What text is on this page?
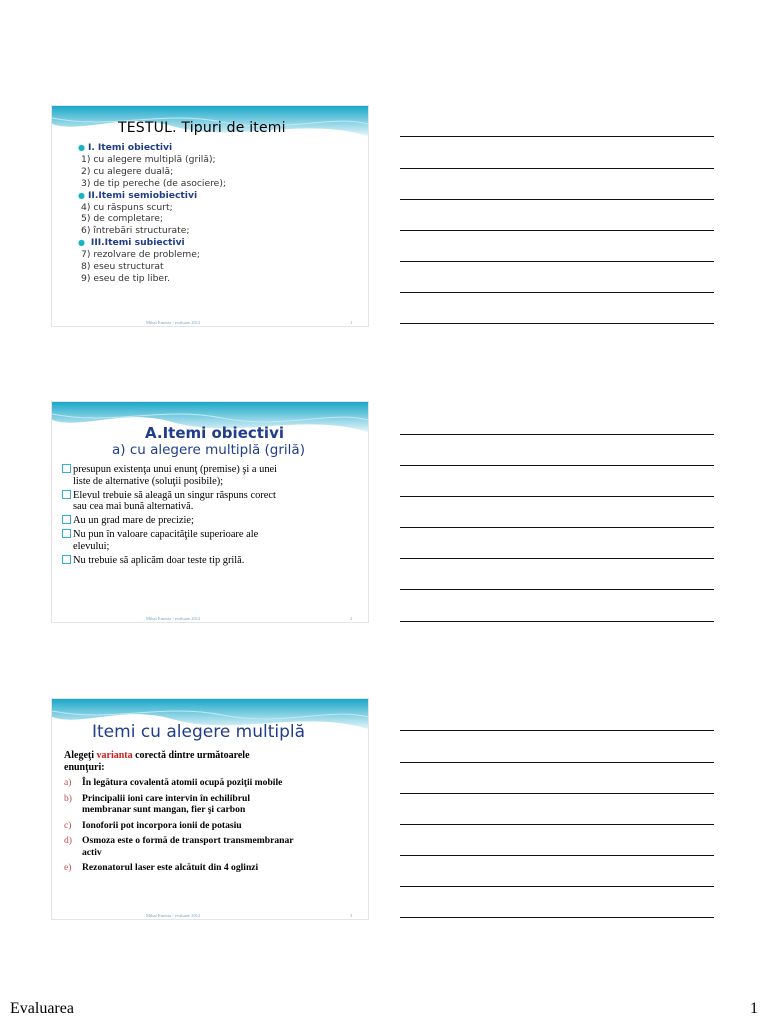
TESTUL. Tipuri de itemi
● I. Itemi obiectivi
1) cu alegere multiplă (grilă);
2) cu alegere duală;
3) de tip pereche (de asociere);
● II.Itemi semiobiectivi
4) cu răspuns scurt;
5) de completare;
6) întrebări structurate;
● III.Itemi subiectivi
7) rezolvare de probleme;
8) eseu structurat
9) eseu de tip liber.
Mihai Emesia - evaluare 2012	1
A.Itemi obiectivi
a) cu alegere multiplă (grilă)
presupun existenţa unui enunţ (premise) şi a unei
liste de alternative (soluţii posibile);
Elevul trebuie să aleagă un singur răspuns corect
sau cea mai bună alternativă.
Au un grad mare de precizie;
Nu pun în valoare capacităţile superioare ale
elevului;
Nu trebuie să aplicăm doar teste tip grilă.
Mihai Emesia - evaluare 2012	2
Itemi cu alegere multiplă
Alegeţi varianta corectă dintre următoarele
enunţuri:
a) În legătura covalentă atomii ocupă poziţii mobile
b) Principalii ioni care intervin în echilibrul
membranar sunt mangan, fier şi carbon
c) Ionoforii pot incorpora ionii de potasiu
d) Osmoza este o formă de transport transmembranar
activ
e) Rezonatorul laser este alcătuit din 4 oglinzi
Mihai Emesia - evaluare 2012	3
Evaluarea	1
